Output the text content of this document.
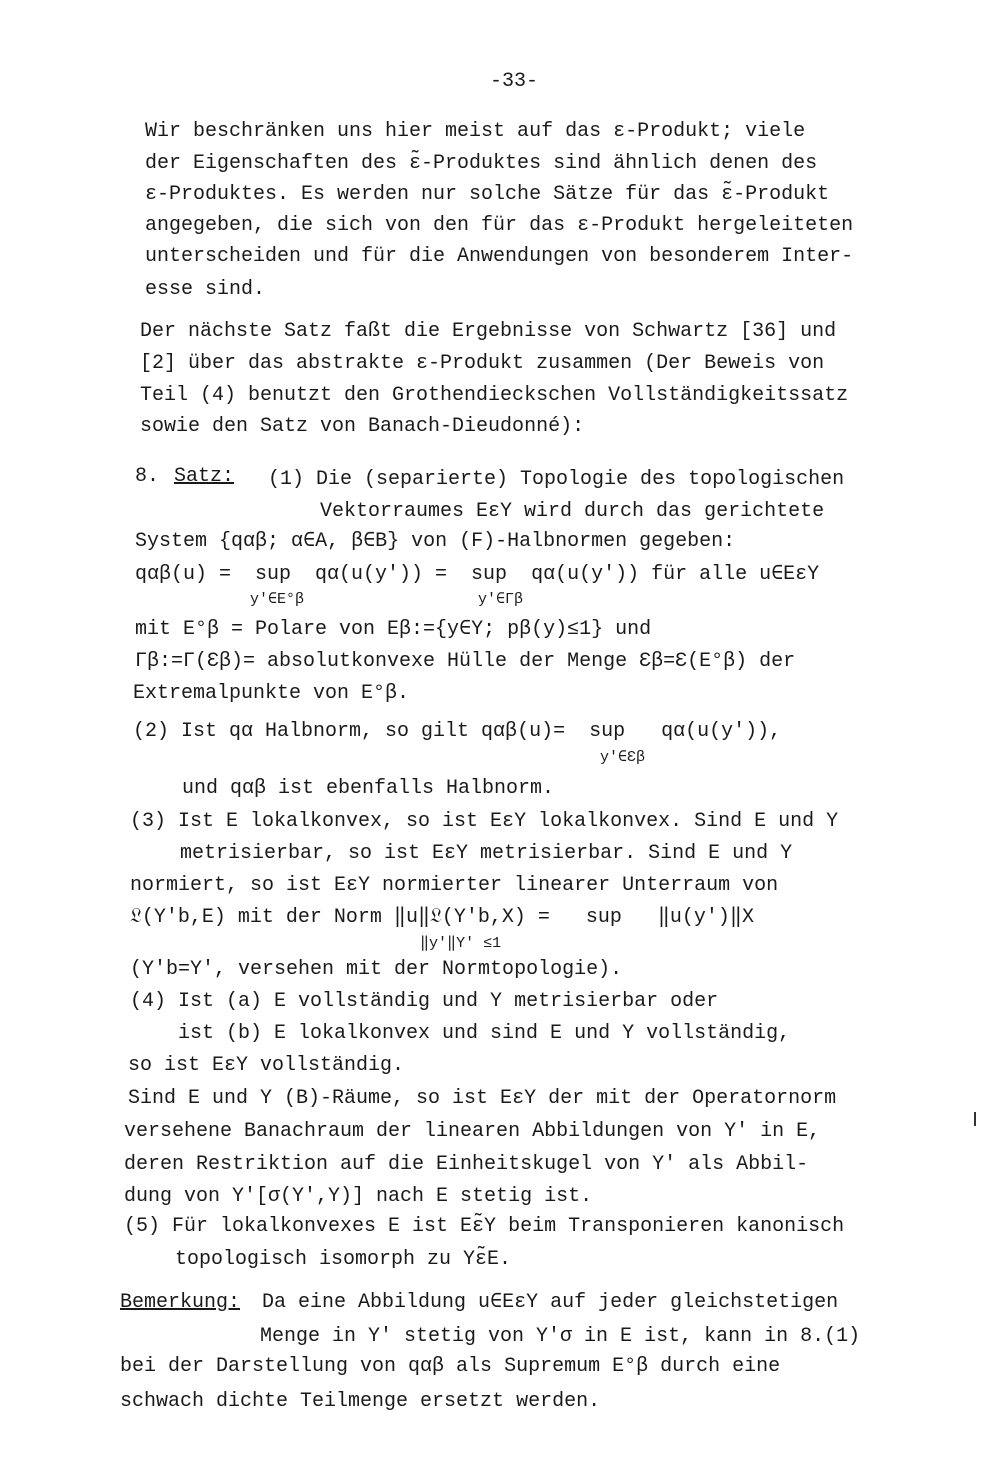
-33-
Wir beschränken uns hier meist auf das ε-Produkt; viele
der Eigenschaften des ε̃-Produktes sind ähnlich denen des
ε-Produktes. Es werden nur solche Sätze für das ε̃-Produkt
angegeben, die sich von den für das ε-Produkt hergeleiteten
unterscheiden und für die Anwendungen von besonderem Inter-
esse sind.
Der nächste Satz faßt die Ergebnisse von Schwartz [36] und
[2] über das abstrakte ε-Produkt zusammen (Der Beweis von
Teil (4) benutzt den Grothendieckschen Vollständigkeitssatz
sowie den Satz von Banach-Dieudonné):
8. Satz: (1) Die (separierte) Topologie des topologischen
Vektorraumes EεY wird durch das gerichtete
System {qαβ; α∈A, β∈B} von (F)-Halbnormen gegeben:
qαβ(u) =  sup  qα(u(y')) =  sup  qα(u(y')) für alle u∈EεY
y'∈E°β	y'∈Γβ
mit E°β = Polare von Eβ:={y∈Y; pβ(y)≤1} und
Γβ:=Γ(Ɛβ)= absolutkonvexe Hülle der Menge Ɛβ=Ɛ(E°β) der
Extremalpunkte von E°β.
(2) Ist qα Halbnorm, so gilt qαβ(u)=  sup   qα(u(y')),
y'∈Ɛβ
und qαβ ist ebenfalls Halbnorm.
(3) Ist E lokalkonvex, so ist EεY lokalkonvex. Sind E und Y
metrisierbar, so ist EεY metrisierbar. Sind E und Y
normiert, so ist EεY normierter linearer Unterraum von
𝔏(Y'b,E) mit der Norm ‖u‖𝔏(Y'b,X) =   sup   ‖u(y')‖X
‖y'‖Y' ≤1
(Y'b=Y', versehen mit der Normtopologie).
(4) Ist (a) E vollständig und Y metrisierbar oder
ist (b) E lokalkonvex und sind E und Y vollständig,
so ist EεY vollständig.
Sind E und Y (B)-Räume, so ist EεY der mit der Operatornorm
versehene Banachraum der linearen Abbildungen von Y' in E,
deren Restriktion auf die Einheitskugel von Y' als Abbil-
dung von Y'[σ(Y',Y)] nach E stetig ist.
(5) Für lokalkonvexes E ist Eε̃Y beim Transponieren kanonisch
topologisch isomorph zu Yε̃E.
Bemerkung: Da eine Abbildung u∈EεY auf jeder gleichstetigen
Menge in Y' stetig von Y'σ in E ist, kann in 8.(1)
bei der Darstellung von qαβ als Supremum E°β durch eine
schwach dichte Teilmenge ersetzt werden.
